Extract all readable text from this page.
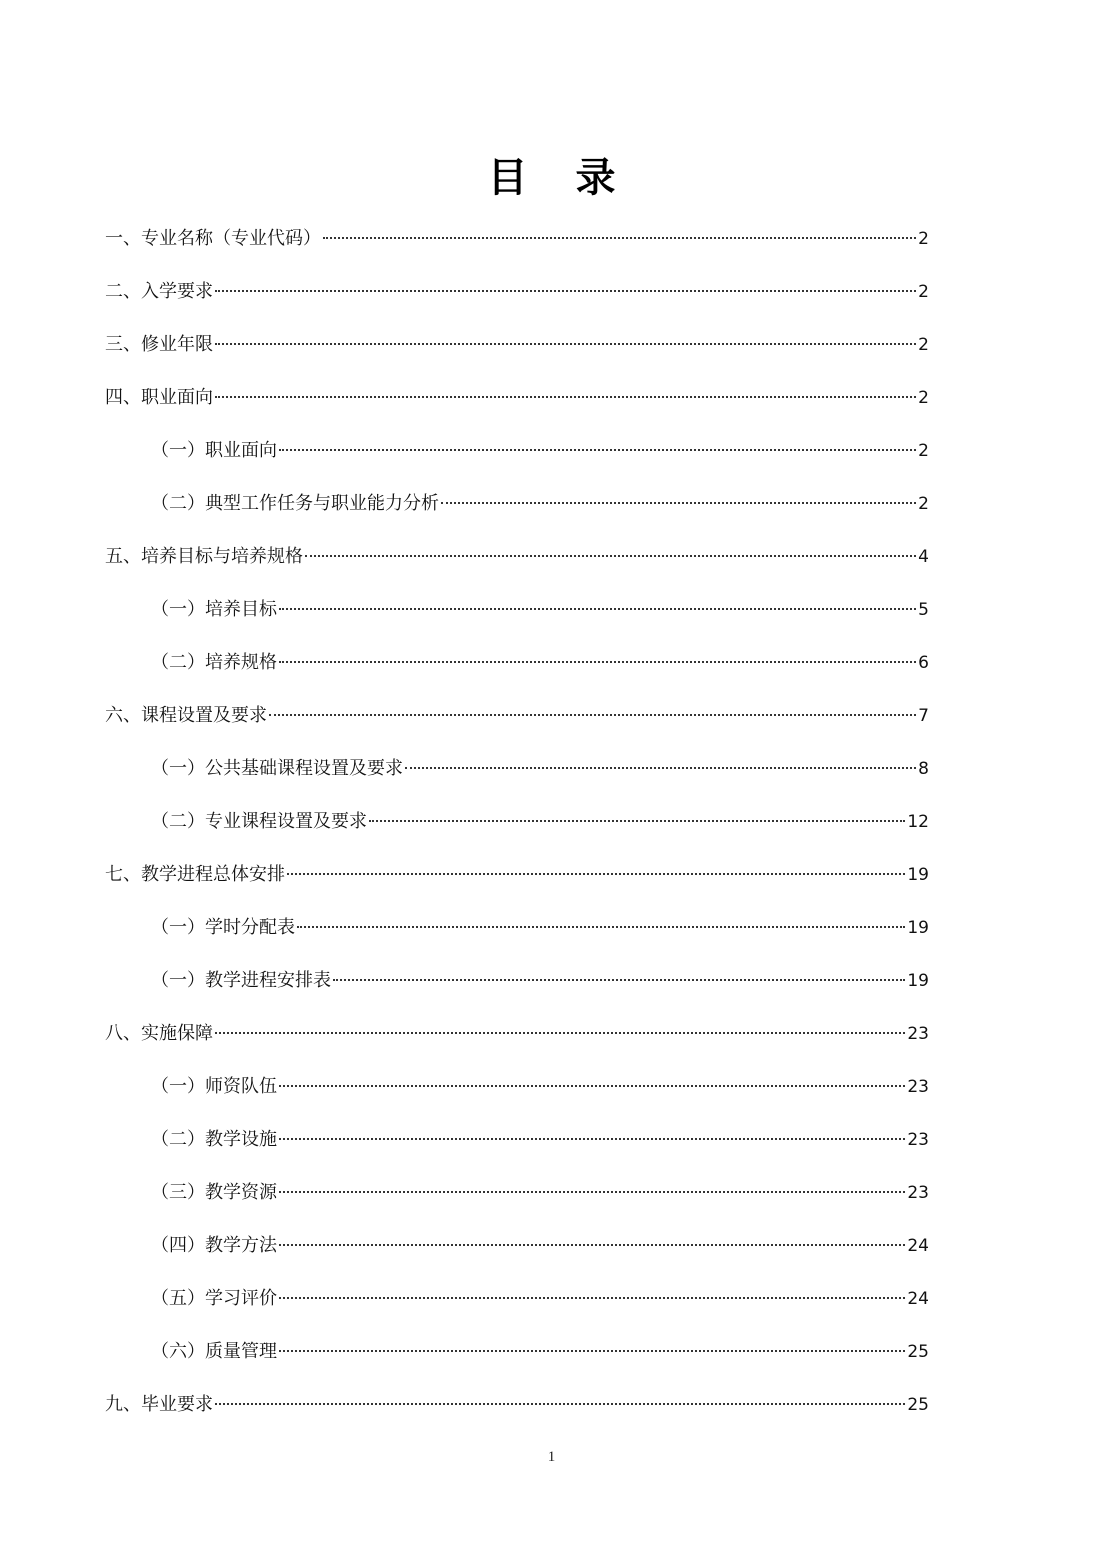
目 录
一、专业名称（专业代码）	2
二、入学要求	2
三、修业年限	2
四、职业面向	2
（一）职业面向	2
（二）典型工作任务与职业能力分析	2
五、培养目标与培养规格	4
（一）培养目标	5
（二）培养规格	6
六、课程设置及要求	7
（一）公共基础课程设置及要求	8
（二）专业课程设置及要求	12
七、教学进程总体安排	19
（一）学时分配表	19
（一）教学进程安排表	19
八、实施保障	23
（一）师资队伍	23
（二）教学设施	23
（三）教学资源	23
（四）教学方法	24
（五）学习评价	24
（六）质量管理	25
九、毕业要求	25
1
